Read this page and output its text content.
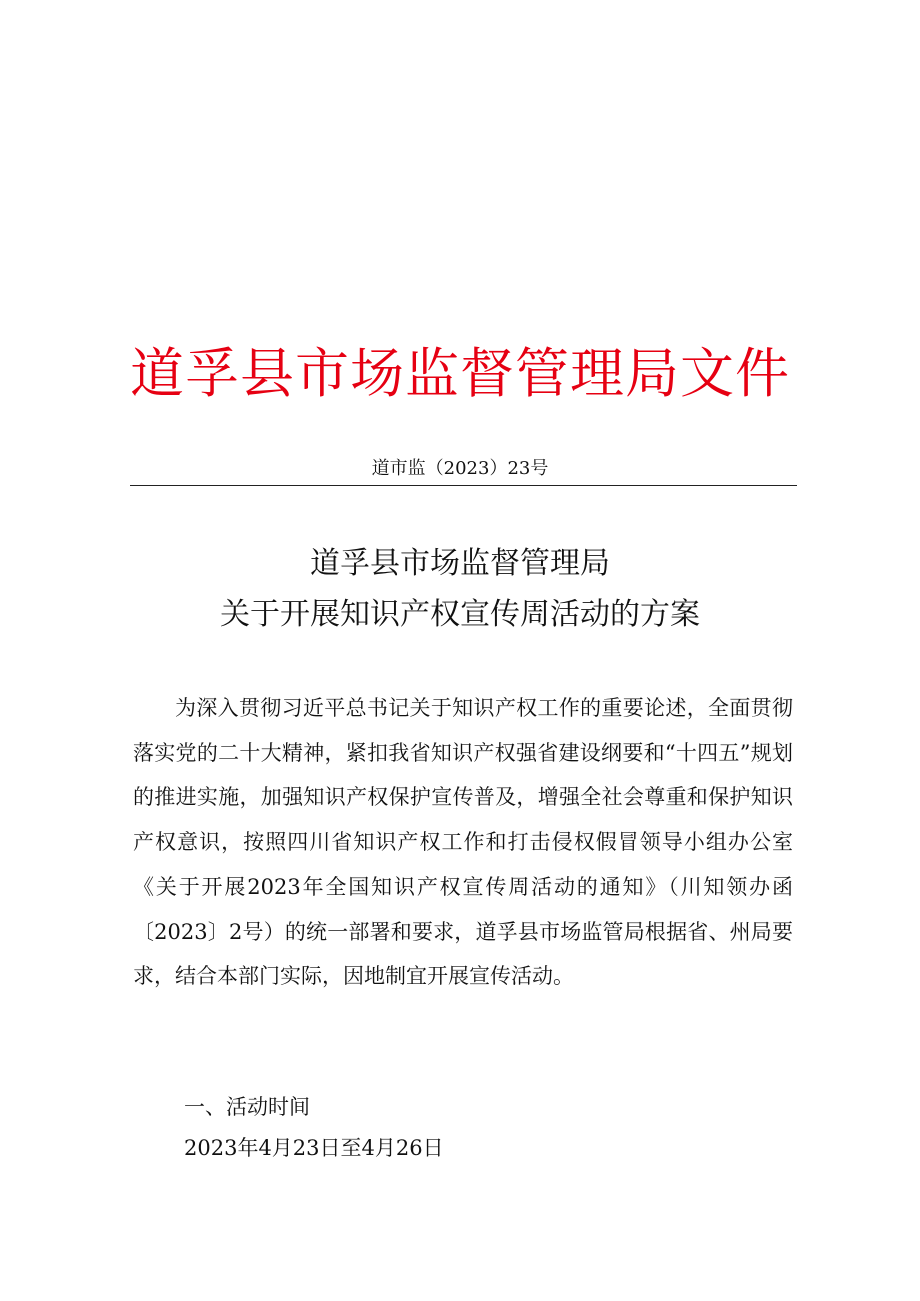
道孚县市场监督管理局文件
道市监（2023）23号
道孚县市场监督管理局
关于开展知识产权宣传周活动的方案

为深入贯彻习近平总书记关于知识产权工作的重要论述，全面贯彻落实党的二十大精神，紧扣我省知识产权强省建设纲要和“十四五”规划的推进实施，加强知识产权保护宣传普及，增强全社会尊重和保护知识产权意识，按照四川省知识产权工作和打击侵权假冒领导小组办公室《关于开展2023年全国知识产权宣传周活动的通知》（川知领办函〔2023〕2号）的统一部署和要求，道孚县市场监管局根据省、州局要求，结合本部门实际，因地制宜开展宣传活动。

一、活动时间
2023年4月23日至4月26日
